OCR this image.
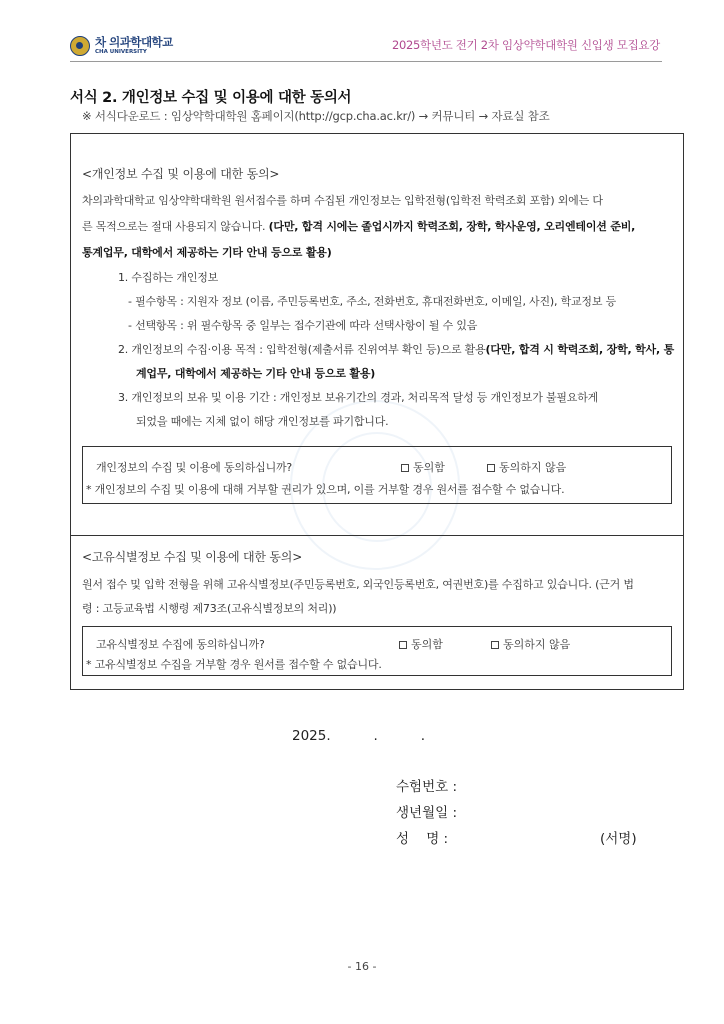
차 의과학대학교
CHA UNIVERSITY	2025학년도 전기 2차 임상약학대학원 신입생 모집요강
서식 2. 개인정보 수집 및 이용에 대한 동의서
※ 서식다운로드 : 임상약학대학원 홈페이지(http://gcp.cha.ac.kr/) → 커뮤니티 → 자료실 참조
<개인정보 수집 및 이용에 대한 동의>
차의과학대학교 임상약학대학원 원서접수를 하며 수집된 개인정보는 입학전형(입학전 학력조회 포함) 외에는 다
른 목적으로는 절대 사용되지 않습니다. (다만, 합격 시에는 졸업시까지 학력조회, 장학, 학사운영, 오리엔테이션 준비,
통계업무, 대학에서 제공하는 기타 안내 등으로 활용)
1. 수집하는 개인정보
- 필수항목 : 지원자 정보 (이름, 주민등록번호, 주소, 전화번호, 휴대전화번호, 이메일, 사진), 학교정보 등
- 선택항목 : 위 필수항목 중 일부는 접수기관에 따라 선택사항이 될 수 있음
2. 개인정보의 수집·이용 목적 : 입학전형(제출서류 진위여부 확인 등)으로 활용(다만, 합격 시 학력조회, 장학, 학사, 통
계업무, 대학에서 제공하는 기타 안내 등으로 활용)
3. 개인정보의 보유 및 이용 기간 : 개인정보 보유기간의 경과, 처리목적 달성 등 개인정보가 불필요하게
되었을 때에는 지체 없이 해당 개인정보를 파기합니다.
개인정보의 수집 및 이용에 동의하십니까?	동의함	동의하지 않음
* 개인정보의 수집 및 이용에 대해 거부할 권리가 있으며, 이를 거부할 경우 원서를 접수할 수 없습니다.
<고유식별정보 수집 및 이용에 대한 동의>
원서 접수 및 입학 전형을 위해 고유식별정보(주민등록번호, 외국인등록번호, 여권번호)를 수집하고 있습니다. (근거 법
령 : 고등교육법 시행령 제73조(고유식별정보의 처리))
고유식별정보 수집에 동의하십니까?	동의함	동의하지 않음
* 고유식별정보 수집을 거부할 경우 원서를 접수할 수 없습니다.
2025.          .          .
수험번호 :
생년월일 :
성    명 :	(서명)
- 16 -
